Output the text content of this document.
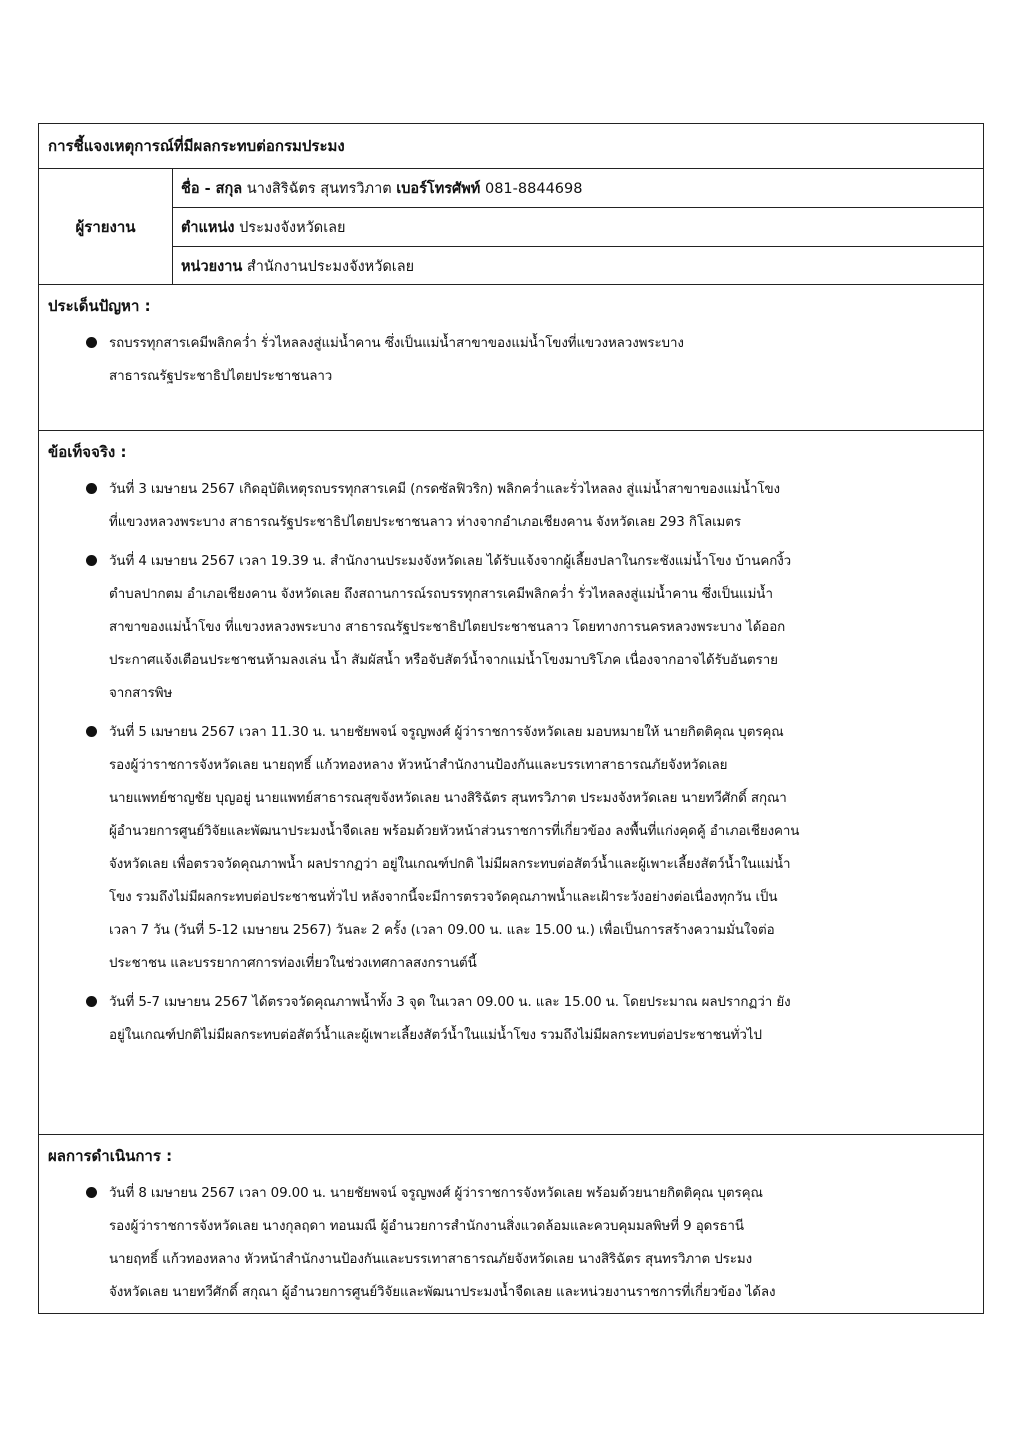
การชี้แจงเหตุการณ์ที่มีผลกระทบต่อกรมประมง
ผู้รายงาน
ชื่อ - สกุล นางสิริฉัตร สุนทรวิภาต เบอร์โทรศัพท์ 081-8844698
ตำแหน่ง ประมงจังหวัดเลย
หน่วยงาน สำนักงานประมงจังหวัดเลย
ประเด็นปัญหา :
รถบรรทุกสารเคมีพลิกคว่ำ รั่วไหลลงสู่แม่น้ำคาน ซึ่งเป็นแม่น้ำสาขาของแม่น้ำโขงที่แขวงหลวงพระบาง
สาธารณรัฐประชาธิปไตยประชาชนลาว
ข้อเท็จจริง :
วันที่ 3 เมษายน 2567 เกิดอุบัติเหตุรถบรรทุกสารเคมี (กรดซัลฟิวริก) พลิกคว่ำและรั่วไหลลง สู่แม่น้ำสาขาของแม่น้ำโขง
ที่แขวงหลวงพระบาง สาธารณรัฐประชาธิปไตยประชาชนลาว ห่างจากอำเภอเชียงคาน จังหวัดเลย 293 กิโลเมตร
วันที่ 4 เมษายน 2567 เวลา 19.39 น. สำนักงานประมงจังหวัดเลย ได้รับแจ้งจากผู้เลี้ยงปลาในกระชังแม่น้ำโขง บ้านคกงิ้ว
ตำบลปากตม อำเภอเชียงคาน จังหวัดเลย ถึงสถานการณ์รถบรรทุกสารเคมีพลิกคว่ำ รั่วไหลลงสู่แม่น้ำคาน ซึ่งเป็นแม่น้ำ
สาขาของแม่น้ำโขง ที่แขวงหลวงพระบาง สาธารณรัฐประชาธิปไตยประชาชนลาว โดยทางการนครหลวงพระบาง ได้ออก
ประกาศแจ้งเตือนประชาชนห้ามลงเล่น น้ำ สัมผัสน้ำ หรือจับสัตว์น้ำจากแม่น้ำโขงมาบริโภค เนื่องจากอาจได้รับอันตราย
จากสารพิษ
วันที่ 5 เมษายน 2567 เวลา 11.30 น. นายชัยพจน์ จรูญพงศ์ ผู้ว่าราชการจังหวัดเลย มอบหมายให้ นายกิตติคุณ บุตรคุณ
รองผู้ว่าราชการจังหวัดเลย นายฤทธิ์ แก้วทองหลาง หัวหน้าสำนักงานป้องกันและบรรเทาสาธารณภัยจังหวัดเลย
นายแพทย์ชาญชัย บุญอยู่ นายแพทย์สาธารณสุขจังหวัดเลย นางสิริฉัตร สุนทรวิภาต ประมงจังหวัดเลย นายทวีศักดิ์ สกุณา
ผู้อำนวยการศูนย์วิจัยและพัฒนาประมงน้ำจืดเลย พร้อมด้วยหัวหน้าส่วนราชการที่เกี่ยวข้อง ลงพื้นที่แก่งคุดคู้ อำเภอเชียงคาน
จังหวัดเลย เพื่อตรวจวัดคุณภาพน้ำ ผลปรากฏว่า อยู่ในเกณฑ์ปกติ ไม่มีผลกระทบต่อสัตว์น้ำและผู้เพาะเลี้ยงสัตว์น้ำในแม่น้ำ
โขง รวมถึงไม่มีผลกระทบต่อประชาชนทั่วไป หลังจากนี้จะมีการตรวจวัดคุณภาพน้ำและเฝ้าระวังอย่างต่อเนื่องทุกวัน เป็น
เวลา 7 วัน (วันที่ 5-12 เมษายน 2567) วันละ 2 ครั้ง (เวลา 09.00 น. และ 15.00 น.) เพื่อเป็นการสร้างความมั่นใจต่อ
ประชาชน และบรรยากาศการท่องเที่ยวในช่วงเทศกาลสงกรานต์นี้
วันที่ 5-7 เมษายน 2567 ได้ตรวจวัดคุณภาพน้ำทั้ง 3 จุด ในเวลา 09.00 น. และ 15.00 น. โดยประมาณ ผลปรากฏว่า ยัง
อยู่ในเกณฑ์ปกติไม่มีผลกระทบต่อสัตว์น้ำและผู้เพาะเลี้ยงสัตว์น้ำในแม่น้ำโขง รวมถึงไม่มีผลกระทบต่อประชาชนทั่วไป
ผลการดำเนินการ :
วันที่ 8 เมษายน 2567 เวลา 09.00 น. นายชัยพจน์ จรูญพงศ์ ผู้ว่าราชการจังหวัดเลย พร้อมด้วยนายกิตติคุณ บุตรคุณ
รองผู้ว่าราชการจังหวัดเลย นางกุลฤดา ทอนมณี ผู้อำนวยการสำนักงานสิ่งแวดล้อมและควบคุมมลพิษที่ 9 อุดรธานี
นายฤทธิ์ แก้วทองหลาง หัวหน้าสำนักงานป้องกันและบรรเทาสาธารณภัยจังหวัดเลย นางสิริฉัตร สุนทรวิภาต ประมง
จังหวัดเลย นายทวีศักดิ์ สกุณา ผู้อำนวยการศูนย์วิจัยและพัฒนาประมงน้ำจืดเลย และหน่วยงานราชการที่เกี่ยวข้อง ได้ลง
